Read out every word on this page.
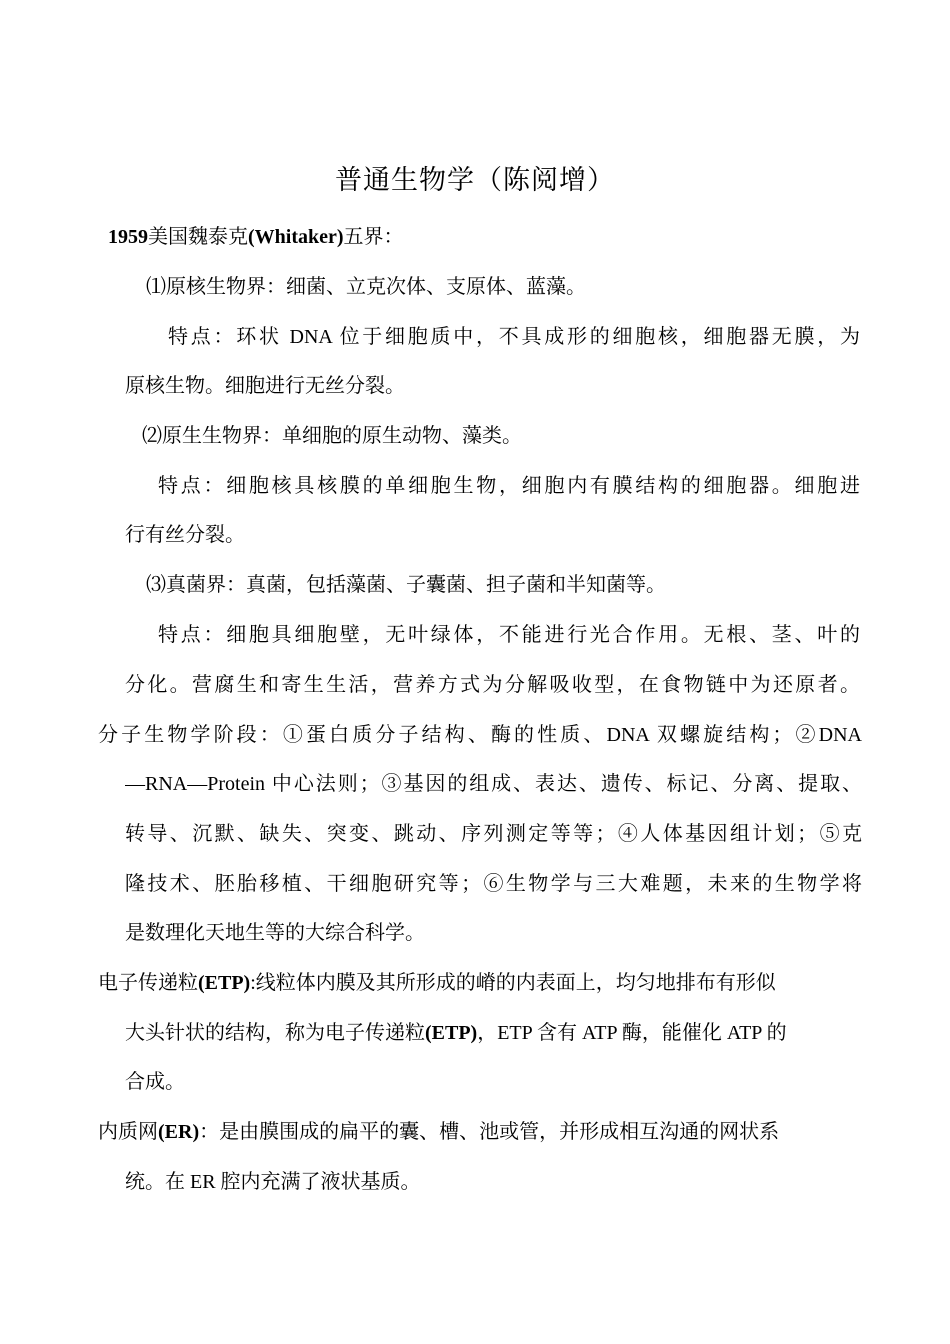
普通生物学（陈阅增）
1959美国魏泰克(Whitaker)五界：
⑴原核生物界：细菌、立克次体、支原体、蓝藻。
特点：环状 DNA 位于细胞质中，不具成形的细胞核，细胞器无膜，为
原核生物。细胞进行无丝分裂。
⑵原生生物界：单细胞的原生动物、藻类。
特点：细胞核具核膜的单细胞生物，细胞内有膜结构的细胞器。细胞进
行有丝分裂。
⑶真菌界：真菌，包括藻菌、子囊菌、担子菌和半知菌等。
特点：细胞具细胞壁，无叶绿体，不能进行光合作用。无根、茎、叶的
分化。营腐生和寄生生活，营养方式为分解吸收型，在食物链中为还原者。
分子生物学阶段：①蛋白质分子结构、酶的性质、DNA 双螺旋结构；②DNA
—RNA—Protein 中心法则；③基因的组成、表达、遗传、标记、分离、提取、
转导、沉默、缺失、突变、跳动、序列测定等等；④人体基因组计划；⑤克
隆技术、胚胎移植、干细胞研究等；⑥生物学与三大难题，未来的生物学将
是数理化天地生等的大综合科学。
电子传递粒(ETP):线粒体内膜及其所形成的嵴的内表面上，均匀地排布有形似
大头针状的结构，称为电子传递粒(ETP)，ETP 含有 ATP 酶，能催化 ATP 的
合成。
内质网(ER)：是由膜围成的扁平的囊、槽、池或管，并形成相互沟通的网状系
统。在 ER 腔内充满了液状基质。
